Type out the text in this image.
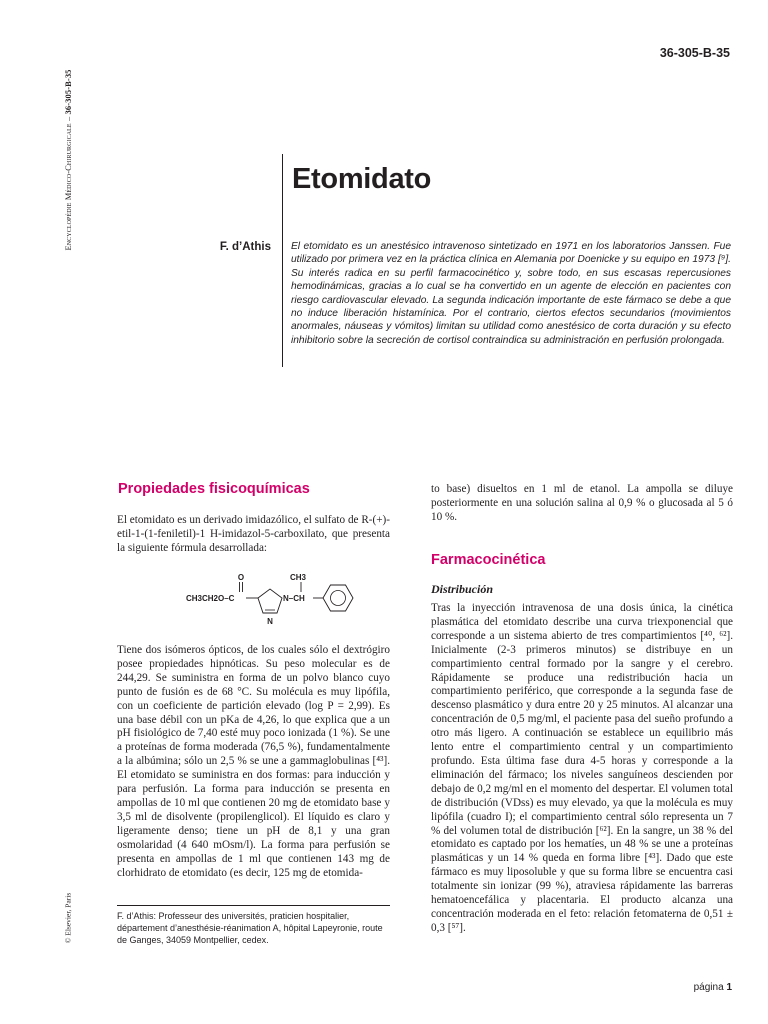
36-305-B-35
Encyclopédie Médico-Chirurgicale – 36-305-B-35
© Elsevier, Paris
Etomidato
F. d’Athis El etomidato es un anestésico intravenoso sintetizado en 1971 en los laboratorios Janssen. Fue utilizado por primera vez en la práctica clínica en Alemania por Doenicke y su equipo en 1973 [⁹]. Su interés radica en su perfil farmacocinético y, sobre todo, en sus escasas repercusiones hemodinámicas, gracias a lo cual se ha convertido en un agente de elección en pacientes con riesgo cardiovascular elevado. La segunda indicación importante de este fármaco se debe a que no induce liberación histamínica. Por el contrario, ciertos efectos secundarios (movimientos anormales, náuseas y vómitos) limitan su utilidad como anestésico de corta duración y su efecto inhibitorio sobre la secreción de cortisol contraindica su administración en perfusión prolongada.
Propiedades fisicoquímicas
El etomidato es un derivado imidazólico, el sulfato de R-(+)-etil-1-(1-feniletil)-1 H-imidazol-5-carboxilato, que presenta la siguiente fórmula desarrollada:
O
CH3CH2O–C
N
N–CH
CH3
Tiene dos isómeros ópticos, de los cuales sólo el dextrógiro posee propiedades hipnóticas. Su peso molecular es de 244,29. Se suministra en forma de un polvo blanco cuyo punto de fusión es de 68 °C. Su molécula es muy lipófila, con un coeficiente de partición elevado (log P = 2,99). Es una base débil con un pKa de 4,26, lo que explica que a un pH fisiológico de 7,40 esté muy poco ionizada (1 %). Se une a proteínas de forma moderada (76,5 %), fundamentalmente a la albúmina; sólo un 2,5 % se une a gammaglobulinas [⁴³]. El etomidato se suministra en dos formas: para inducción y para perfusión. La forma para inducción se presenta en ampollas de 10 ml que contienen 20 mg de etomidato base y 3,5 ml de disolvente (propilenglicol). El líquido es claro y ligeramente denso; tiene un pH de 8,1 y una gran osmolaridad (4 640 mOsm/l). La forma para perfusión se presenta en ampollas de 1 ml que contienen 143 mg de clorhidrato de etomidato (es decir, 125 mg de etomida-
to base) disueltos en 1 ml de etanol. La ampolla se diluye posteriormente en una solución salina al 0,9 % o glucosada al 5 ó 10 %.
Farmacocinética
Distribución
Tras la inyección intravenosa de una dosis única, la cinética plasmática del etomidato describe una curva triexponencial que corresponde a un sistema abierto de tres compartimientos [⁴⁰, ⁶²]. Inicialmente (2-3 primeros minutos) se distribuye en un compartimiento central formado por la sangre y el cerebro. Rápidamente se produce una redistribución hacia un compartimiento periférico, que corresponde a la segunda fase de descenso plasmático y dura entre 20 y 25 minutos. Al alcanzar una concentración de 0,5 mg/ml, el paciente pasa del sueño profundo a otro más ligero. A continuación se establece un equilibrio más lento entre el compartimiento central y un compartimiento profundo. Esta última fase dura 4-5 horas y corresponde a la eliminación del fármaco; los niveles sanguíneos descienden por debajo de 0,2 mg/ml en el momento del despertar. El volumen total de distribución (VDss) es muy elevado, ya que la molécula es muy lipófila (cuadro I); el compartimiento central sólo representa un 7 % del volumen total de distribución [⁶²]. En la sangre, un 38 % del etomidato es captado por los hematíes, un 48 % se une a proteínas plasmáticas y un 14 % queda en forma libre [⁴³]. Dado que este fármaco es muy liposoluble y que su forma libre se encuentra casi totalmente sin ionizar (99 %), atraviesa rápidamente las barreras hematoencefálica y placentaria. El producto alcanza una concentración moderada en el feto: relación fetomaterna de 0,51 ± 0,3 [⁵⁷].
F. d’Athis: Professeur des universités, praticien hospitalier, département d’anesthésie-réanimation A, hôpital Lapeyronie, route de Ganges, 34059 Montpellier, cedex.
página 1
